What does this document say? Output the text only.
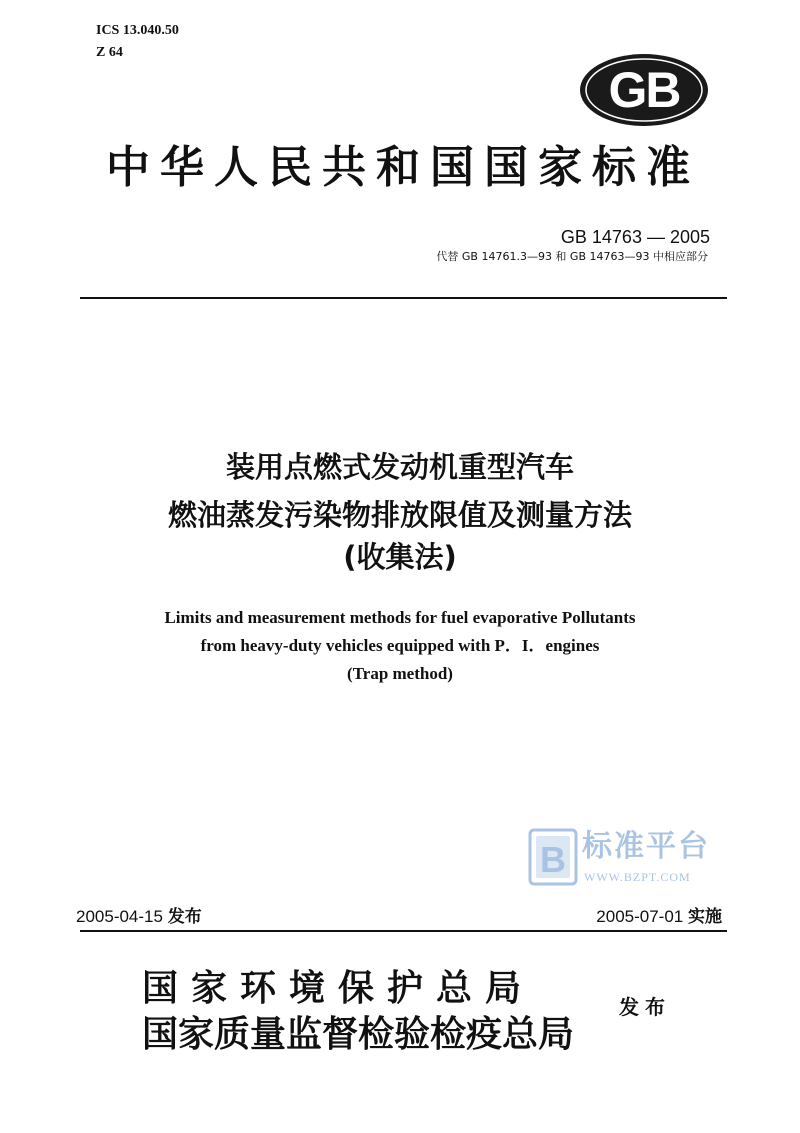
ICS 13.040.50
Z 64
GB
中华人民共和国国家标准
GB 14763 — 2005
代替 GB 14761.3—93 和 GB 14763—93 中相应部分
装用点燃式发动机重型汽车
燃油蒸发污染物排放限值及测量方法
(收集法)
Limits and measurement methods for fuel evaporative Pollutants
from heavy-duty vehicles equipped with P．I．engines
(Trap method)
B 标准平台
WWW.BZPT.COM
2005-04-15 发布	2005-07-01 实施
国家环境保护总局
国家质量监督检验检疫总局
发布
